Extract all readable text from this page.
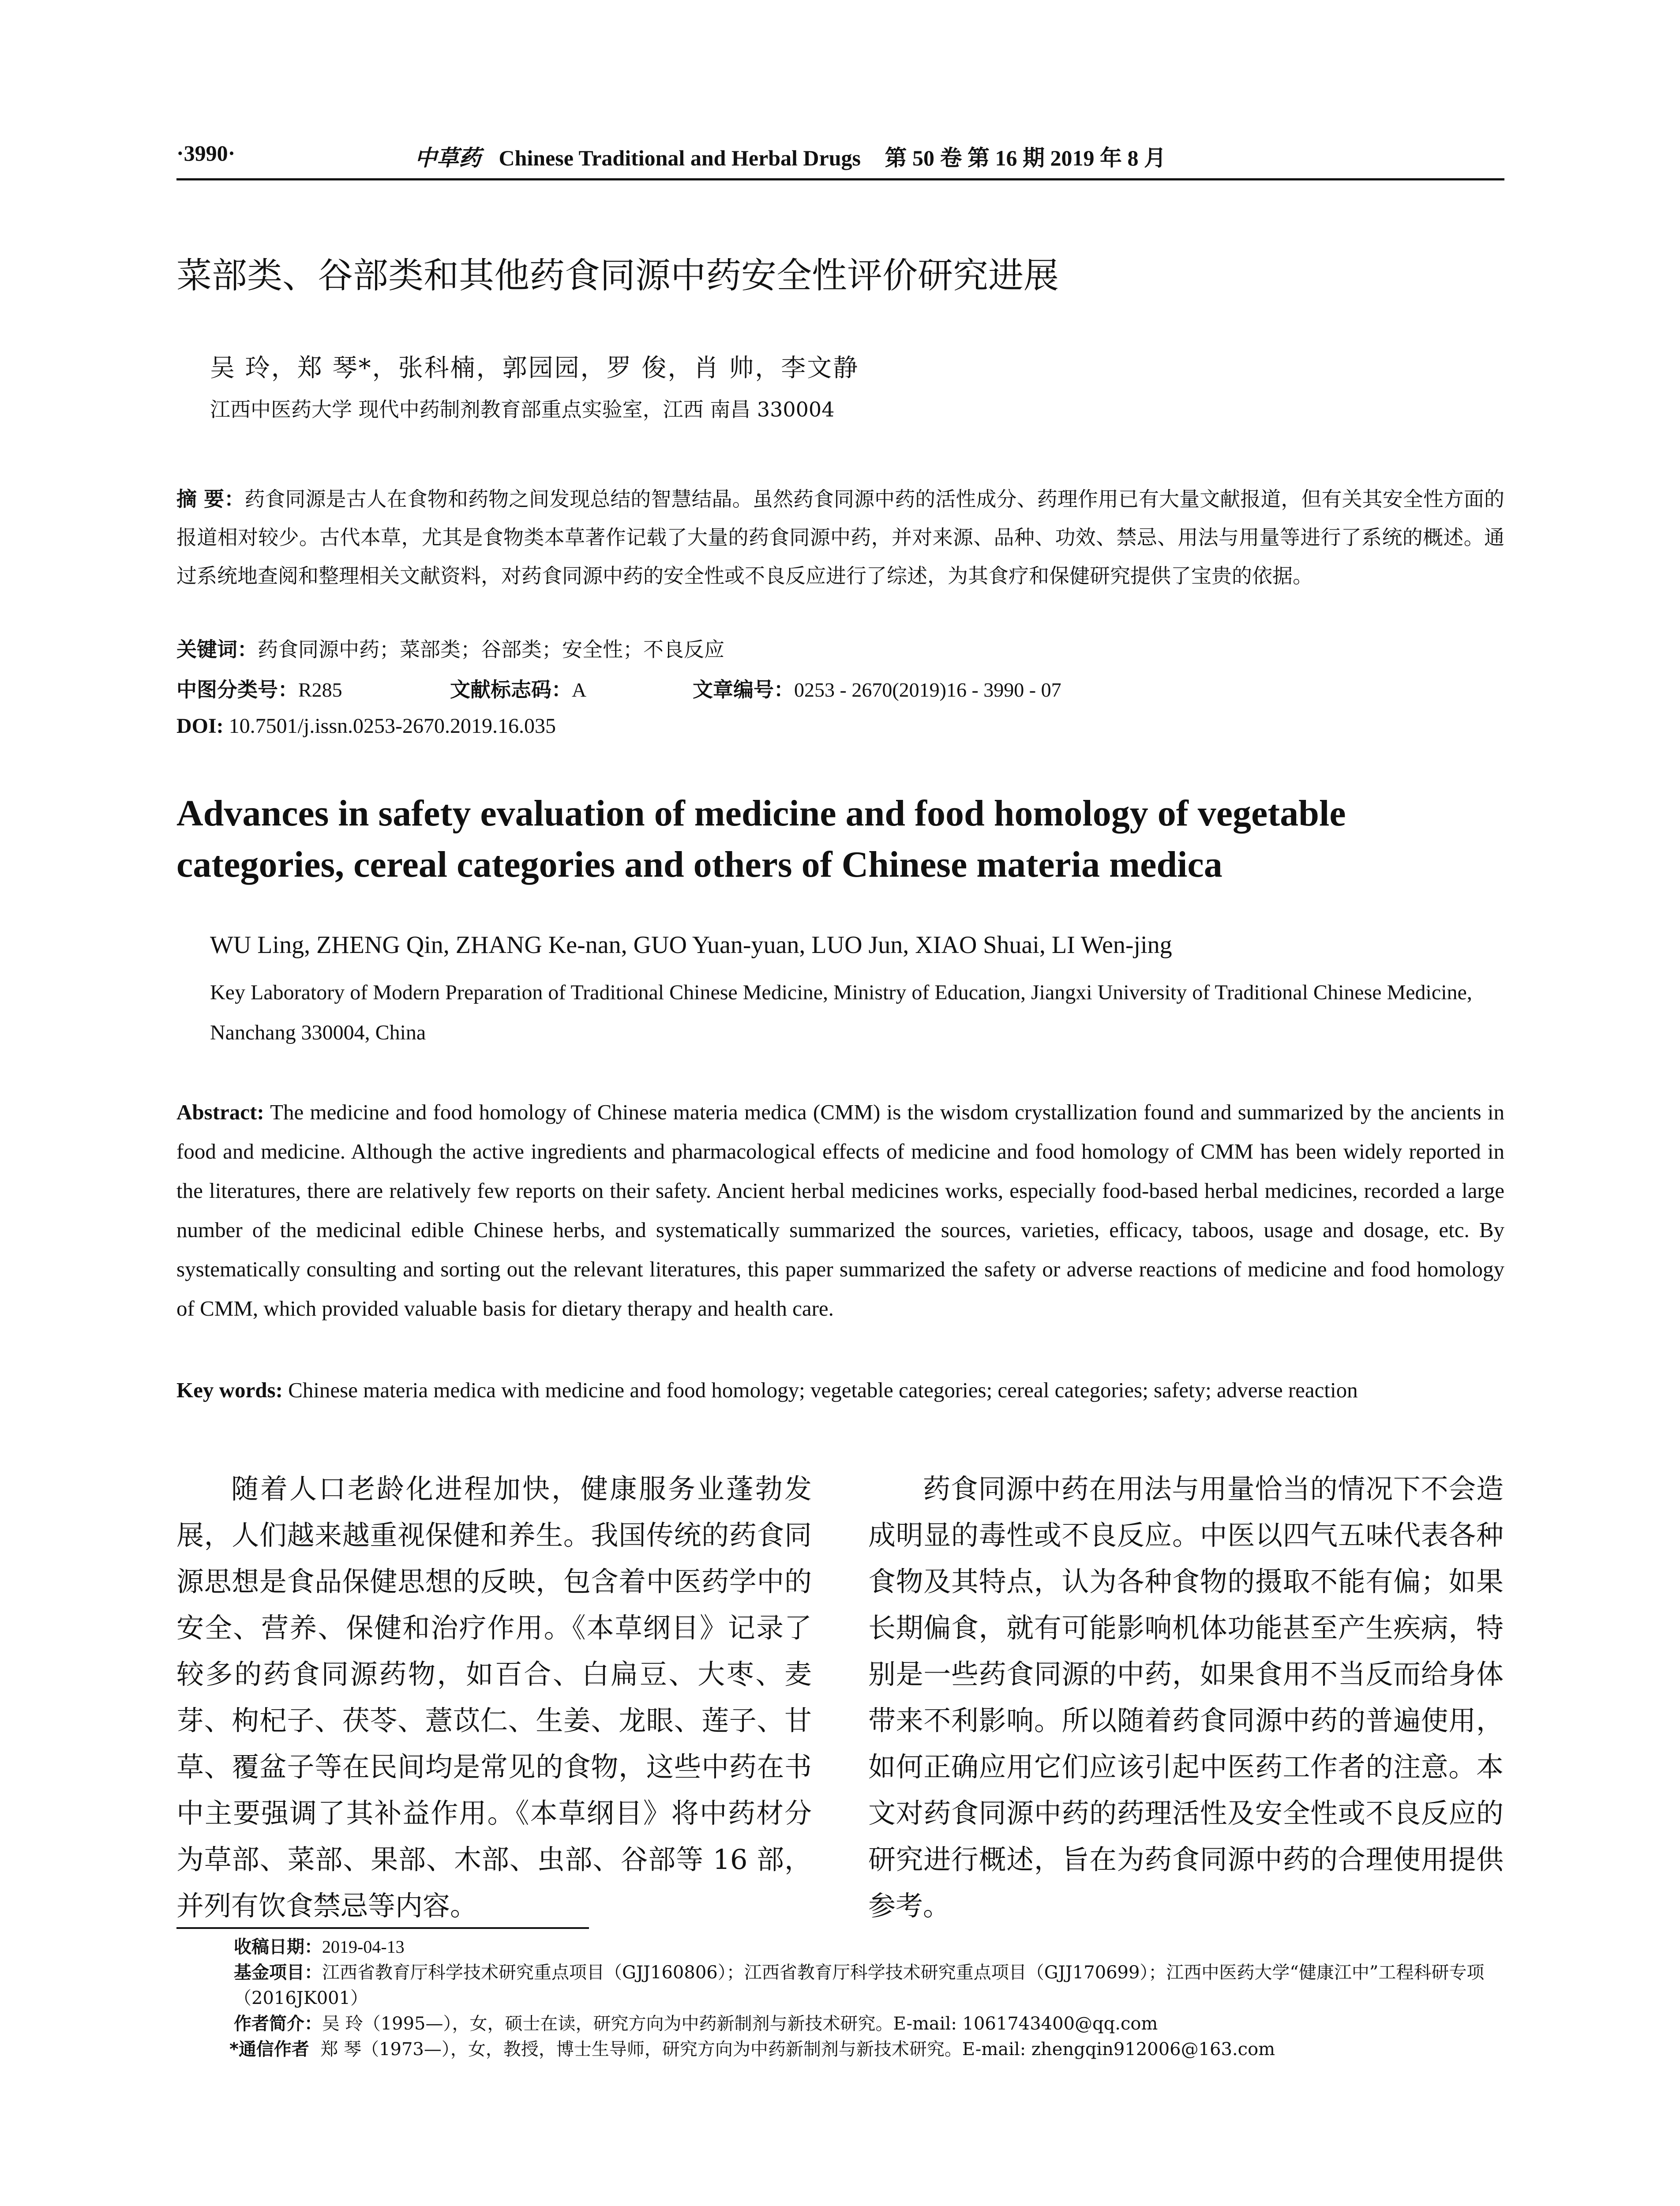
·3990·	中草药 Chinese Traditional and Herbal Drugs 第 50 卷 第 16 期 2019 年 8 月
菜部类、谷部类和其他药食同源中药安全性评价研究进展
吴 玲，郑 琴*，张科楠，郭园园，罗 俊，肖 帅，李文静
江西中医药大学 现代中药制剂教育部重点实验室，江西 南昌 330004
摘 要：药食同源是古人在食物和药物之间发现总结的智慧结晶。虽然药食同源中药的活性成分、药理作用已有大量文献报道，但有关其安全性方面的报道相对较少。古代本草，尤其是食物类本草著作记载了大量的药食同源中药，并对来源、品种、功效、禁忌、用法与用量等进行了系统的概述。通过系统地查阅和整理相关文献资料，对药食同源中药的安全性或不良反应进行了综述，为其食疗和保健研究提供了宝贵的依据。
关键词：药食同源中药；菜部类；谷部类；安全性；不良反应
中图分类号：R285	文献标志码：A	文章编号：0253 - 2670(2019)16 - 3990 - 07
DOI: 10.7501/j.issn.0253-2670.2019.16.035
Advances in safety evaluation of medicine and food homology of vegetable categories, cereal categories and others of Chinese materia medica
WU Ling, ZHENG Qin, ZHANG Ke-nan, GUO Yuan-yuan, LUO Jun, XIAO Shuai, LI Wen-jing
Key Laboratory of Modern Preparation of Traditional Chinese Medicine, Ministry of Education, Jiangxi University of Traditional Chinese Medicine, Nanchang 330004, China
Abstract: The medicine and food homology of Chinese materia medica (CMM) is the wisdom crystallization found and summarized by the ancients in food and medicine. Although the active ingredients and pharmacological effects of medicine and food homology of CMM has been widely reported in the literatures, there are relatively few reports on their safety. Ancient herbal medicines works, especially food-based herbal medicines, recorded a large number of the medicinal edible Chinese herbs, and systematically summarized the sources, varieties, efficacy, taboos, usage and dosage, etc. By systematically consulting and sorting out the relevant literatures, this paper summarized the safety or adverse reactions of medicine and food homology of CMM, which provided valuable basis for dietary therapy and health care.
Key words: Chinese materia medica with medicine and food homology; vegetable categories; cereal categories; safety; adverse reaction

随着人口老龄化进程加快，健康服务业蓬勃发展，人们越来越重视保健和养生。我国传统的药食同源思想是食品保健思想的反映，包含着中医药学中的安全、营养、保健和治疗作用。《本草纲目》记录了较多的药食同源药物，如百合、白扁豆、大枣、麦芽、枸杞子、茯苓、薏苡仁、生姜、龙眼、莲子、甘草、覆盆子等在民间均是常见的食物，这些中药在书中主要强调了其补益作用。《本草纲目》将中药材分为草部、菜部、果部、木部、虫部、谷部等 16 部，并列有饮食禁忌等内容。

药食同源中药在用法与用量恰当的情况下不会造成明显的毒性或不良反应。中医以四气五味代表各种食物及其特点，认为各种食物的摄取不能有偏；如果长期偏食，就有可能影响机体功能甚至产生疾病，特别是一些药食同源的中药，如果食用不当反而给身体带来不利影响。所以随着药食同源中药的普遍使用，如何正确应用它们应该引起中医药工作者的注意。本文对药食同源中药的药理活性及安全性或不良反应的研究进行概述，旨在为药食同源中药的合理使用提供参考。

收稿日期：2019-04-13
基金项目：江西省教育厅科学技术研究重点项目（GJJ160806）；江西省教育厅科学技术研究重点项目（GJJ170699）；江西中医药大学“健康江中”工程科研专项（2016JK001）
作者简介：吴 玲（1995—），女，硕士在读，研究方向为中药新制剂与新技术研究。E-mail: 1061743400@qq.com
*通信作者 郑 琴（1973—），女，教授，博士生导师，研究方向为中药新制剂与新技术研究。E-mail: zhengqin912006@163.com
